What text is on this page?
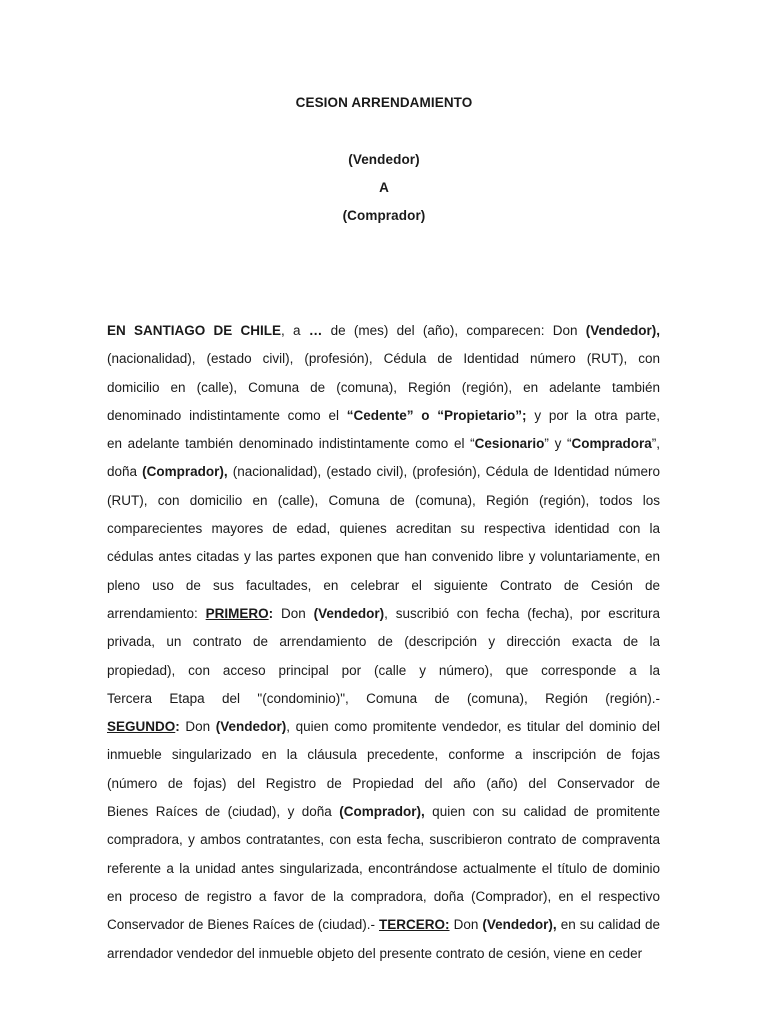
CESION ARRENDAMIENTO
(Vendedor)
A
(Comprador)
EN SANTIAGO DE CHILE, a … de (mes) del (año), comparecen: Don (Vendedor),
(nacionalidad), (estado civil), (profesión), Cédula de Identidad número (RUT), con
domicilio en (calle), Comuna de (comuna), Región (región), en adelante también
denominado indistintamente como el “Cedente” o “Propietario”; y por la otra parte,
en adelante también denominado indistintamente como el “Cesionario” y “Compradora”,
doña (Comprador), (nacionalidad), (estado civil), (profesión), Cédula de Identidad número
(RUT), con domicilio en (calle), Comuna de (comuna), Región (región), todos los
comparecientes mayores de edad, quienes acreditan su respectiva identidad con la
cédulas antes citadas y las partes exponen que han convenido libre y voluntariamente, en
pleno uso de sus facultades, en celebrar el siguiente Contrato de Cesión de
arrendamiento: PRIMERO: Don (Vendedor), suscribió con fecha (fecha), por escritura
privada, un contrato de arrendamiento de (descripción y dirección exacta de la
propiedad), con acceso principal por (calle y número), que corresponde a la
Tercera Etapa del "(condominio)", Comuna de (comuna), Región (región).-
SEGUNDO: Don (Vendedor), quien como promitente vendedor, es titular del dominio del
inmueble singularizado en la cláusula precedente, conforme a inscripción de fojas
(número de fojas) del Registro de Propiedad del año (año) del Conservador de
Bienes Raíces de (ciudad), y doña (Comprador), quien con su calidad de promitente
compradora, y ambos contratantes, con esta fecha, suscribieron contrato de compraventa
referente a la unidad antes singularizada, encontrándose actualmente el título de dominio
en proceso de registro a favor de la compradora, doña (Comprador), en el respectivo
Conservador de Bienes Raíces de (ciudad).- TERCERO: Don (Vendedor), en su calidad de
arrendador vendedor del inmueble objeto del presente contrato de cesión, viene en ceder
